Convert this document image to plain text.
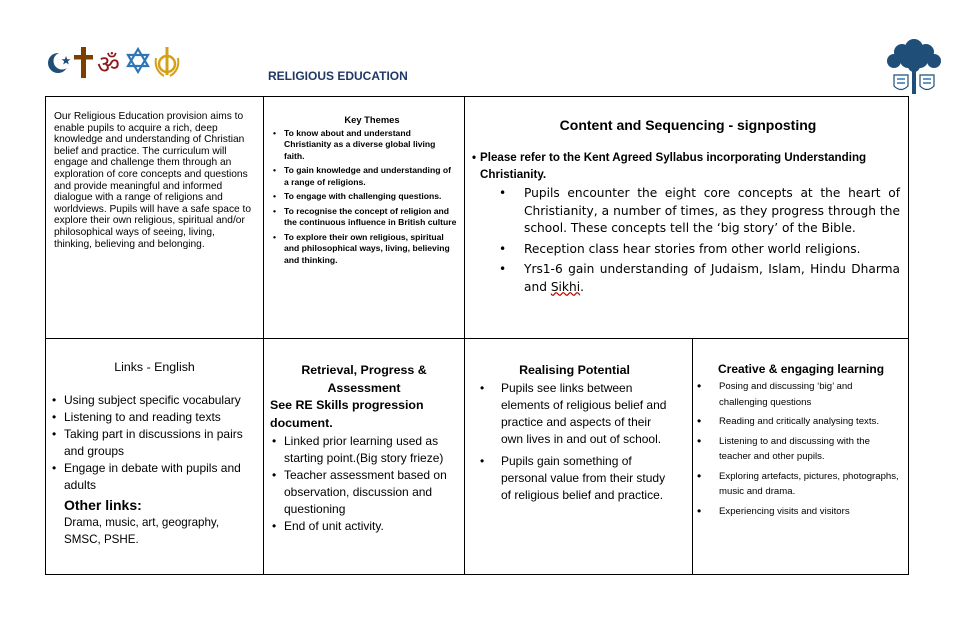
ॐ	RELIGIOUS EDUCATION
Our Religious Education provision aims to enable pupils to acquire a rich, deep knowledge and understanding of Christian belief and practice. The curriculum will engage and challenge them through an exploration of core concepts and questions and provide meaningful and informed dialogue with a range of religions and worldviews. Pupils will have a safe space to explore their own religious, spiritual and/or philosophical ways of seeing, living, thinking, believing and belonging.
Key Themes
• To know about and understand Christianity as a diverse global living faith.
• To gain knowledge and understanding of a range of religions.
• To engage with challenging questions.
• To recognise the concept of religion and the continuous influence in British culture
• To explore their own religious, spiritual and philosophical ways, living, believing and thinking.
Content and Sequencing - signposting
• Please refer to the Kent Agreed Syllabus incorporating Understanding Christianity.
• Pupils encounter the eight core concepts at the heart of Christianity, a number of times, as they progress through the school. These concepts tell the ‘big story’ of the Bible.
• Reception class hear stories from other world religions.
• Yrs1-6 gain understanding of Judaism, Islam, Hindu Dharma and Sikhi.
Links - English
• Using subject specific vocabulary
• Listening to and reading texts
• Taking part in discussions in pairs and groups
• Engage in debate with pupils and adults
Other links:
Drama, music, art, geography, SMSC, PSHE.
Retrieval, Progress & Assessment
See RE Skills progression document.
• Linked prior learning used as starting point.(Big story frieze)
• Teacher assessment based on observation, discussion and questioning
• End of unit activity.
Realising Potential
• Pupils see links between elements of religious belief and practice and aspects of their own lives in and out of school.
• Pupils gain something of personal value from their study of religious belief and practice.
Creative & engaging learning
• Posing and discussing ‘big’ and challenging questions
• Reading and critically analysing texts.
• Listening to and discussing with the teacher and other pupils.
• Exploring artefacts, pictures, photographs, music and drama.
• Experiencing visits and visitors
